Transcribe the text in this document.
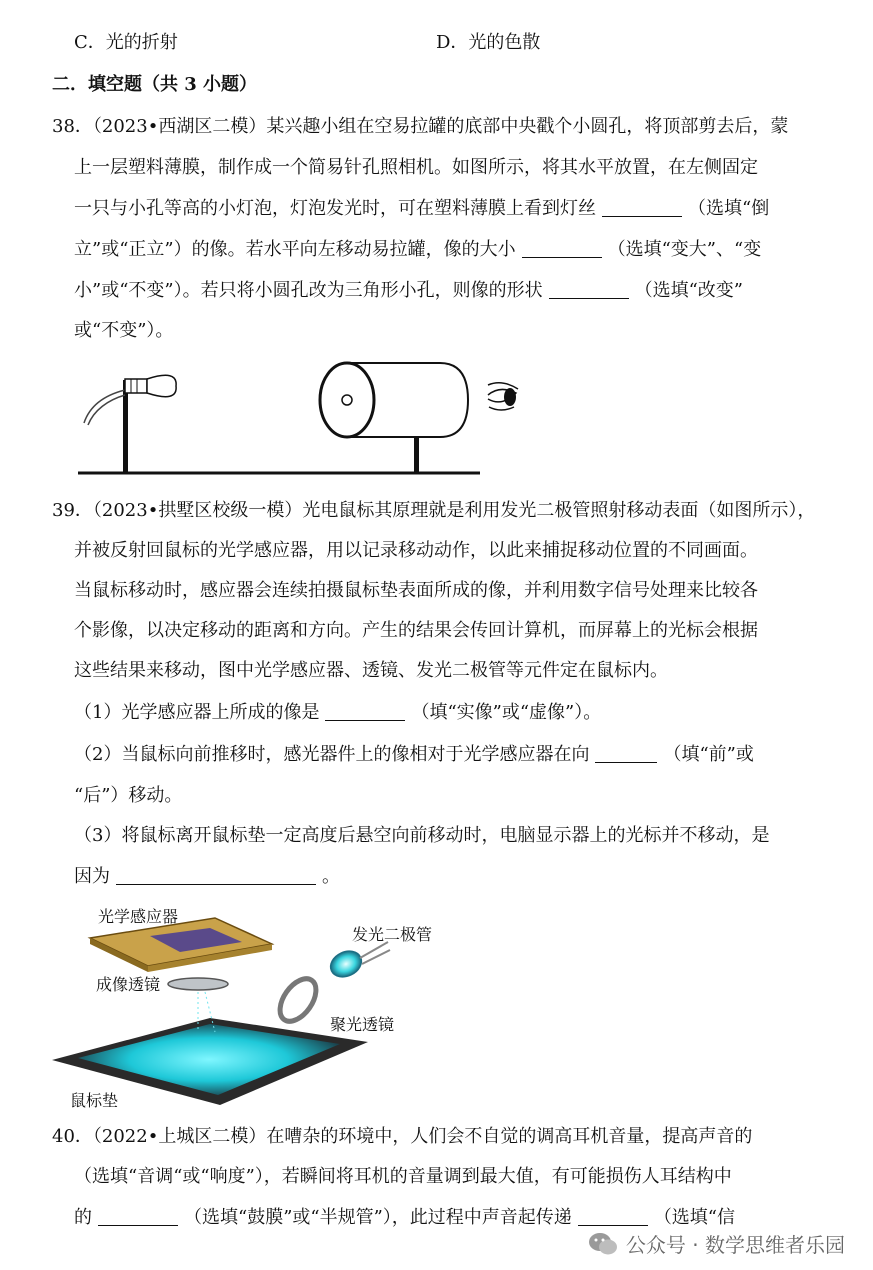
C．光的折射	D．光的色散
二．填空题（共 3 小题）
38．（2023•西湖区二模）某兴趣小组在空易拉罐的底部中央戳个小圆孔，将顶部剪去后，蒙
上一层塑料薄膜，制作成一个简易针孔照相机。如图所示，将其水平放置，在左侧固定
一只与小孔等高的小灯泡，灯泡发光时，可在塑料薄膜上看到灯丝	（选填“倒
立”或“正立”）的像。若水平向左移动易拉罐，像的大小	（选填“变大”、“变
小”或“不变”）。若只将小圆孔改为三角形小孔，则像的形状	（选填“改变”
或“不变”）。
39．（2023•拱墅区校级一模）光电鼠标其原理就是利用发光二极管照射移动表面（如图所示），
并被反射回鼠标的光学感应器，用以记录移动动作，以此来捕捉移动位置的不同画面。
当鼠标移动时，感应器会连续拍摄鼠标垫表面所成的像，并利用数字信号处理来比较各
个影像，以决定移动的距离和方向。产生的结果会传回计算机，而屏幕上的光标会根据
这些结果来移动，图中光学感应器、透镜、发光二极管等元件定在鼠标内。
（1）光学感应器上所成的像是	（填“实像”或“虚像”）。
（2）当鼠标向前推移时，感光器件上的像相对于光学感应器在向	（填“前”或
“后”）移动。
（3）将鼠标离开鼠标垫一定高度后悬空向前移动时，电脑显示器上的光标并不移动，是
因为	。
光学感应器
成像透镜
发光二极管
聚光透镜
鼠标垫
40．（2022•上城区二模）在嘈杂的环境中，人们会不自觉的调高耳机音量，提高声音的
（选填“音调“或“响度”），若瞬间将耳机的音量调到最大值，有可能损伤人耳结构中
的	（选填“鼓膜”或“半规管”），此过程中声音起传递	（选填“信
公众号 · 数学思维者乐园
